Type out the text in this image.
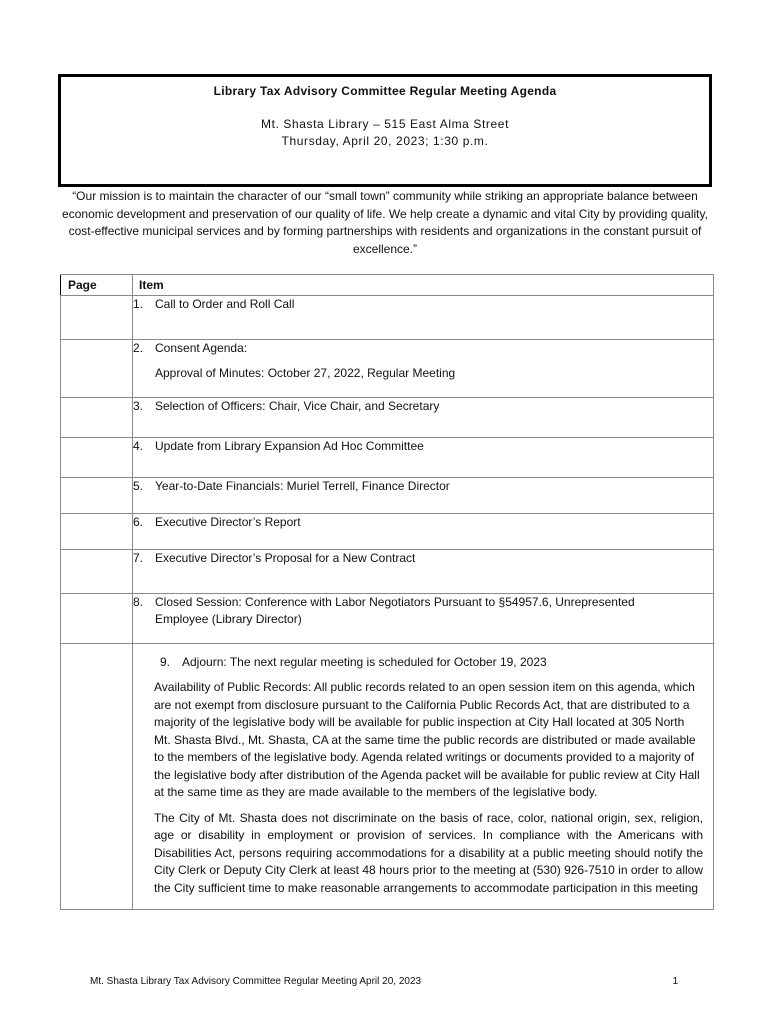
Library Tax Advisory Committee Regular Meeting Agenda
Mt. Shasta Library – 515 East Alma Street
Thursday, April 20, 2023; 1:30 p.m.
“Our mission is to maintain the character of our “small town” community while striking an appropriate balance between economic development and preservation of our quality of life. We help create a dynamic and vital City by providing quality, cost-effective municipal services and by forming partnerships with residents and organizations in the constant pursuit of excellence.”
Page	Item
	1. Call to Order and Roll Call
	2. Consent Agenda:
Approval of Minutes: October 27, 2022, Regular Meeting

	3. Selection of Officers: Chair, Vice Chair, and Secretary
	4. Update from Library Expansion Ad Hoc Committee
	5. Year-to-Date Financials: Muriel Terrell, Finance Director
	6. Executive Director’s Report
	7. Executive Director’s Proposal for a New Contract
	8. Closed Session: Conference with Labor Negotiators Pursuant to §54957.6, Unrepresented
Employee (Library Director)

	9. Adjourn: The next regular meeting is scheduled for October 19, 2023

Availability of Public Records: All public records related to an open session item on this agenda, which are not exempt from disclosure pursuant to the California Public Records Act, that are distributed to a majority of the legislative body will be available for public inspection at City Hall located at 305 North Mt. Shasta Blvd., Mt. Shasta, CA at the same time the public records are distributed or made available to the members of the legislative body. Agenda related writings or documents provided to a majority of the legislative body after distribution of the Agenda packet will be available for public review at City Hall at the same time as they are made available to the members of the legislative body.

The City of Mt. Shasta does not discriminate on the basis of race, color, national origin, sex, religion, age or disability in employment or provision of services. In compliance with the Americans with Disabilities Act, persons requiring accommodations for a disability at a public meeting should notify the City Clerk or Deputy City Clerk at least 48 hours prior to the meeting at (530) 926-7510 in order to allow the City sufficient time to make reasonable arrangements to accommodate participation in this meeting

Mt. Shasta Library Tax Advisory Committee Regular Meeting April 20, 2023	1
